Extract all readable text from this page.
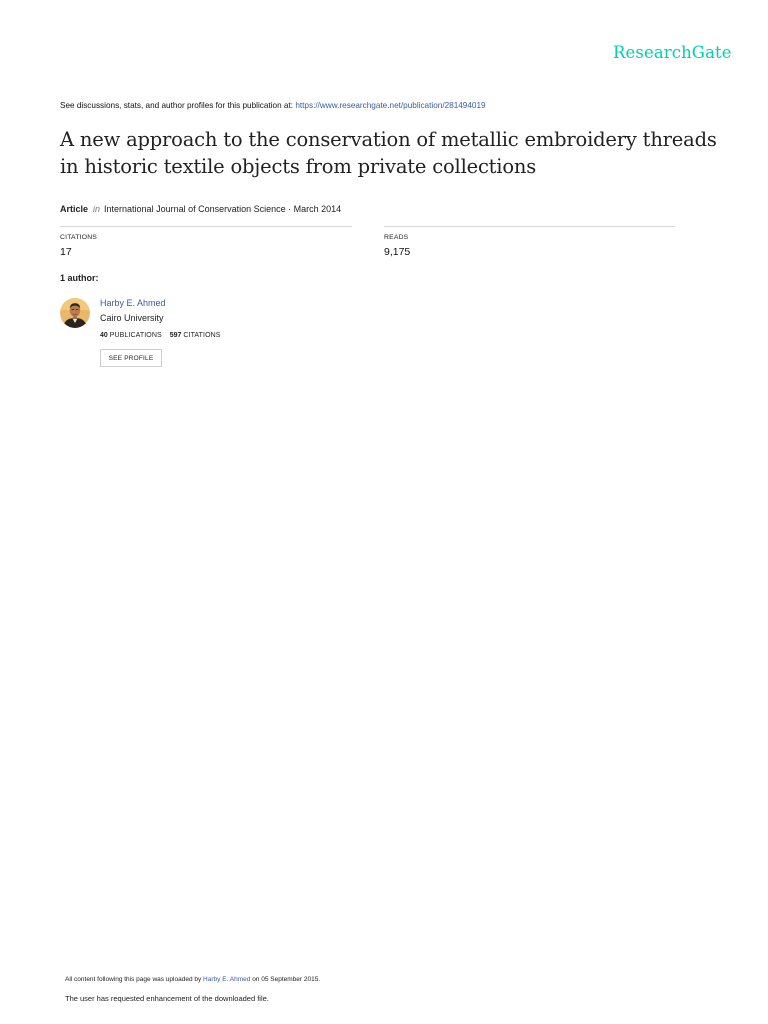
ResearchGate
See discussions, stats, and author profiles for this publication at: https://www.researchgate.net/publication/281494019
A new approach to the conservation of metallic embroidery threads in historic textile objects from private collections
Article in International Journal of Conservation Science · March 2014
CITATIONS
17
READS
9,175
1 author:
Harby E. Ahmed
Cairo University
40 PUBLICATIONS 597 CITATIONS
SEE PROFILE
All content following this page was uploaded by Harby E. Ahmed on 05 September 2015.
The user has requested enhancement of the downloaded file.
